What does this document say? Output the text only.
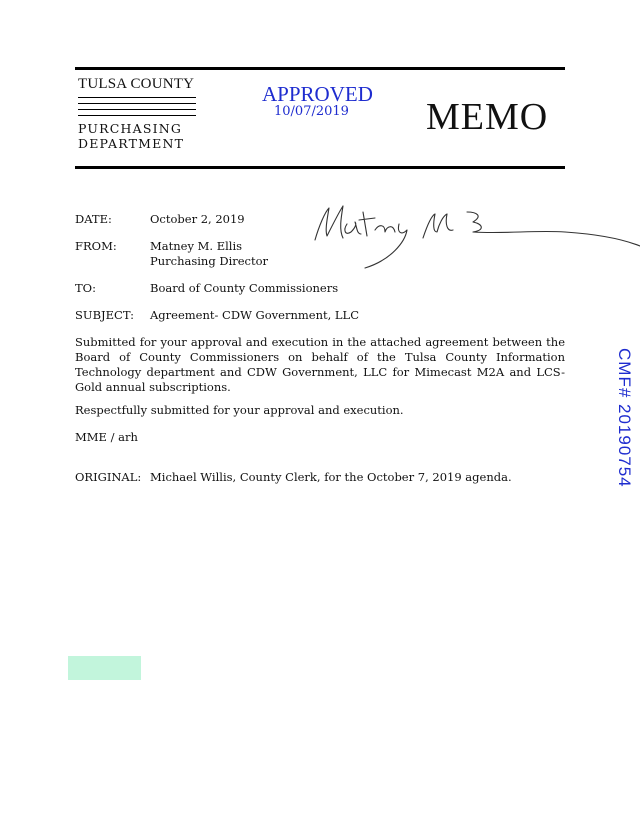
TULSA COUNTY
PURCHASING
DEPARTMENT
APPROVED
10/07/2019 MEMO
DATE:	October 2, 2019
FROM:	Matney M. Ellis
Purchasing Director
TO:	Board of County Commissioners
SUBJECT: Agreement- CDW Government, LLC
Submitted for your approval and execution in the attached agreement between the Board of County Commissioners on behalf of the Tulsa County Information Technology department and CDW Government, LLC for Mimecast M2A and LCS-Gold annual subscriptions.
Respectfully submitted for your approval and execution.
MME / arh
ORIGINAL: Michael Willis, County Clerk, for the October 7, 2019 agenda.	CMF# 20190754
